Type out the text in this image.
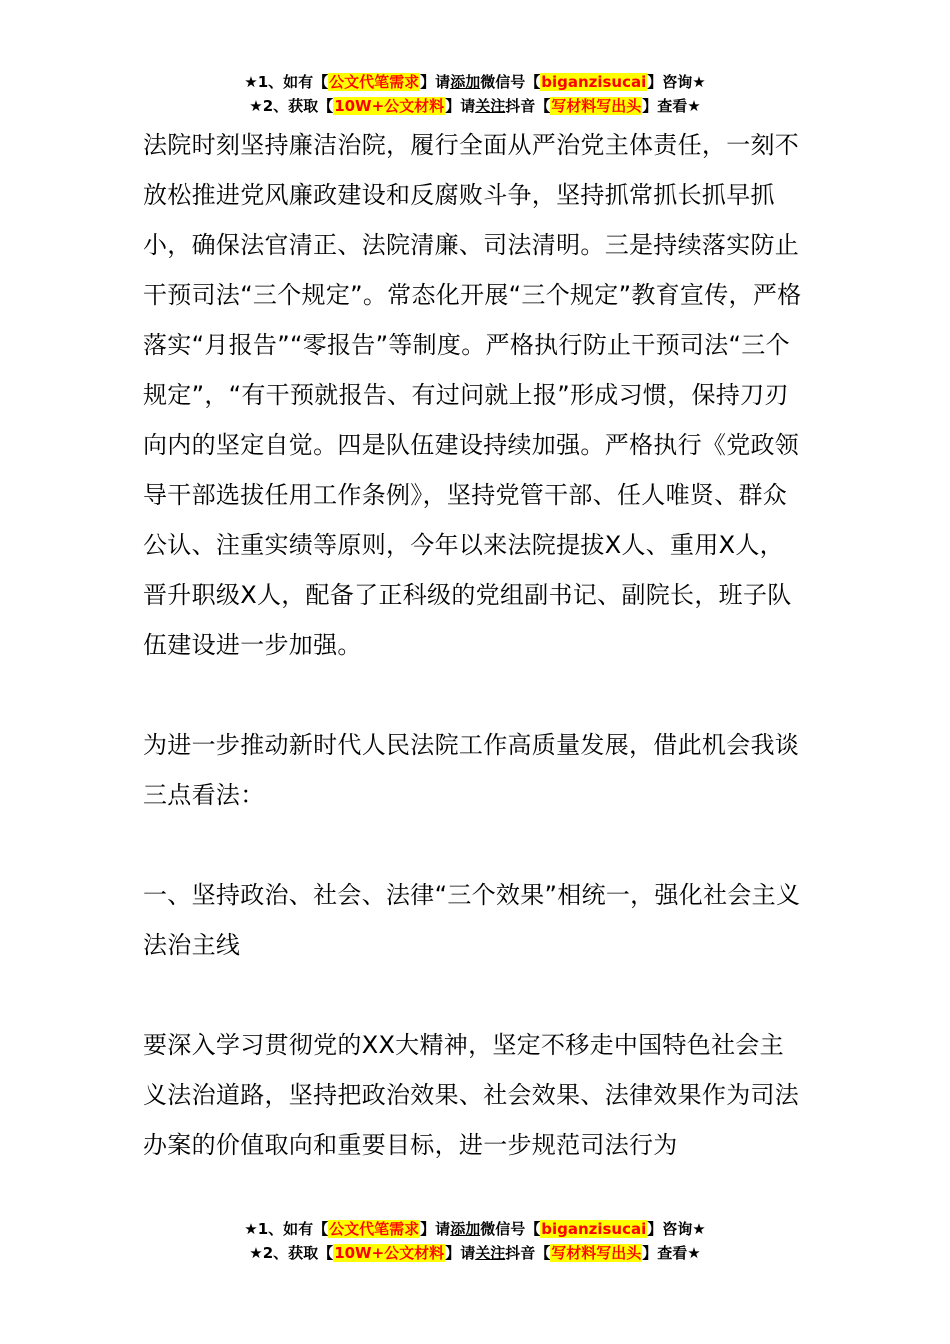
★1、如有【公文代笔需求】请添加微信号【biganzisucai】咨询★
★2、获取【10W+公文材料】请关注抖音【写材料写出头】查看★

法院时刻坚持廉洁治院，履行全面从严治党主体责任，一刻不放松推进党风廉政建设和反腐败斗争，坚持抓常抓长抓早抓小，确保法官清正、法院清廉、司法清明。三是持续落实防止干预司法“三个规定”。常态化开展“三个规定”教育宣传，严格落实“月报告”“零报告”等制度。严格执行防止干预司法“三个规定”，“有干预就报告、有过问就上报”形成习惯，保持刀刃向内的坚定自觉。四是队伍建设持续加强。严格执行《党政领导干部选拔任用工作条例》，坚持党管干部、任人唯贤、群众公认、注重实绩等原则，今年以来法院提拔X人、重用X人，晋升职级X人，配备了正科级的党组副书记、副院长，班子队伍建设进一步加强。

为进一步推动新时代人民法院工作高质量发展，借此机会我谈三点看法：

一、坚持政治、社会、法律“三个效果”相统一，强化社会主义法治主线

要深入学习贯彻党的XX大精神，坚定不移走中国特色社会主义法治道路，坚持把政治效果、社会效果、法律效果作为司法办案的价值取向和重要目标，进一步规范司法行为

★1、如有【公文代笔需求】请添加微信号【biganzisucai】咨询★
★2、获取【10W+公文材料】请关注抖音【写材料写出头】查看★
